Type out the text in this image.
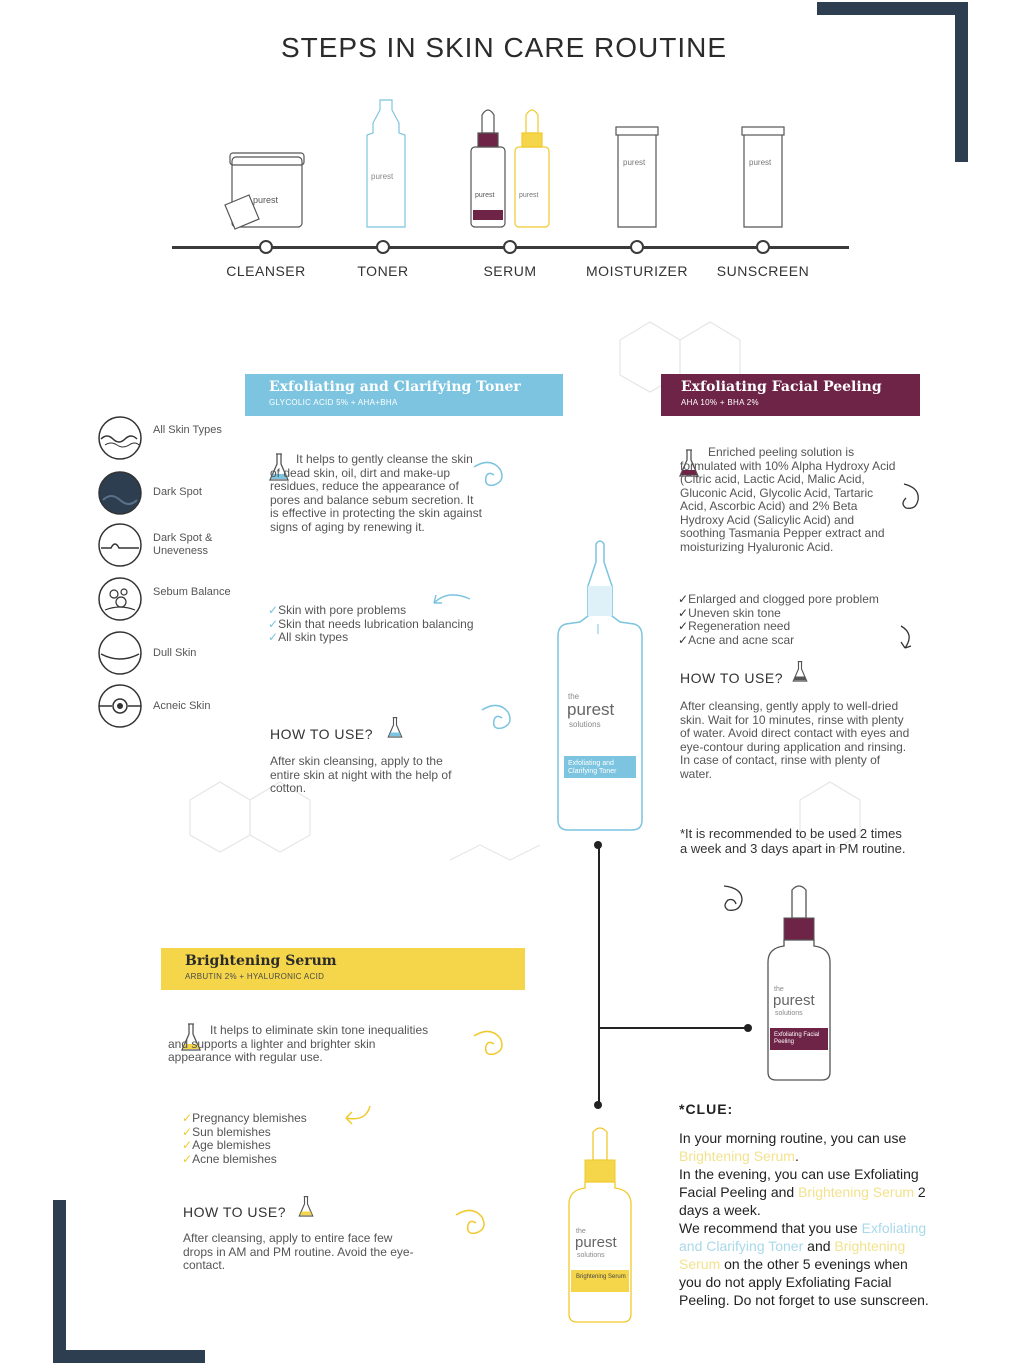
STEPS IN SKIN CARE ROUTINE
purest
purest
purest	purest
purest	purest
CLEANSER	TONER	SERUM	MOISTURIZER	SUNSCREEN
All Skin Types
Dark Spot
Dark Spot & Uneveness
Sebum Balance
Dull Skin
Acneic Skin
Exfoliating and Clarifying Toner
GLYCOLIC ACID 5% + AHA+BHA
It helps to gently cleanse the skin of dead skin, oil, dirt and make-up residues, reduce the appearance of pores and balance sebum secretion. It is effective in protecting the skin against signs of aging by renewing it.
✓ Skin with pore problems
✓ Skin that needs lubrication balancing
✓ All skin types
HOW TO USE?
After skin cleansing, apply to the entire skin at night with the help of cotton.
the
purest
solutions
Exfoliating and Clarifying Toner
Exfoliating Facial Peeling
AHA 10% + BHA 2%
Enriched peeling solution is formulated with 10% Alpha Hydroxy Acid (Citric acid, Lactic Acid, Malic Acid, Gluconic Acid, Glycolic Acid, Tartaric Acid, Ascorbic Acid) and 2% Beta Hydroxy Acid (Salicylic Acid) and soothing Tasmania Pepper extract and moisturizing Hyaluronic Acid.
✓ Enlarged and clogged pore problem
✓ Uneven skin tone
✓ Regeneration need
✓ Acne and acne scar
HOW TO USE?
After cleansing, gently apply to well-dried skin. Wait for 10 minutes, rinse with plenty of water. Avoid direct contact with eyes and eye-contour during application and rinsing. In case of contact, rinse with plenty of water.
*It is recommended to be used 2 times a week and 3 days apart in PM routine.
the
purest
solutions
Exfoliating Facial Peeling
Brightening Serum
ARBUTIN 2% + HYALURONIC ACID
It helps to eliminate skin tone inequalities and supports a lighter and brighter skin appearance with regular use.
✓ Pregnancy blemishes
✓ Sun blemishes
✓ Age blemishes
✓ Acne blemishes
HOW TO USE?
After cleansing, apply to entire face few drops in AM and PM routine. Avoid the eye-contact.
the
purest
solutions
Brightening Serum
*CLUE:
In your morning routine, you can use Brightening Serum.
In the evening, you can use Exfoliating Facial Peeling and Brightening Serum 2 days a week.
We recommend that you use Exfoliating and Clarifying Toner and Brightening Serum on the other 5 evenings when you do not apply Exfoliating Facial Peeling. Do not forget to use sunscreen.
